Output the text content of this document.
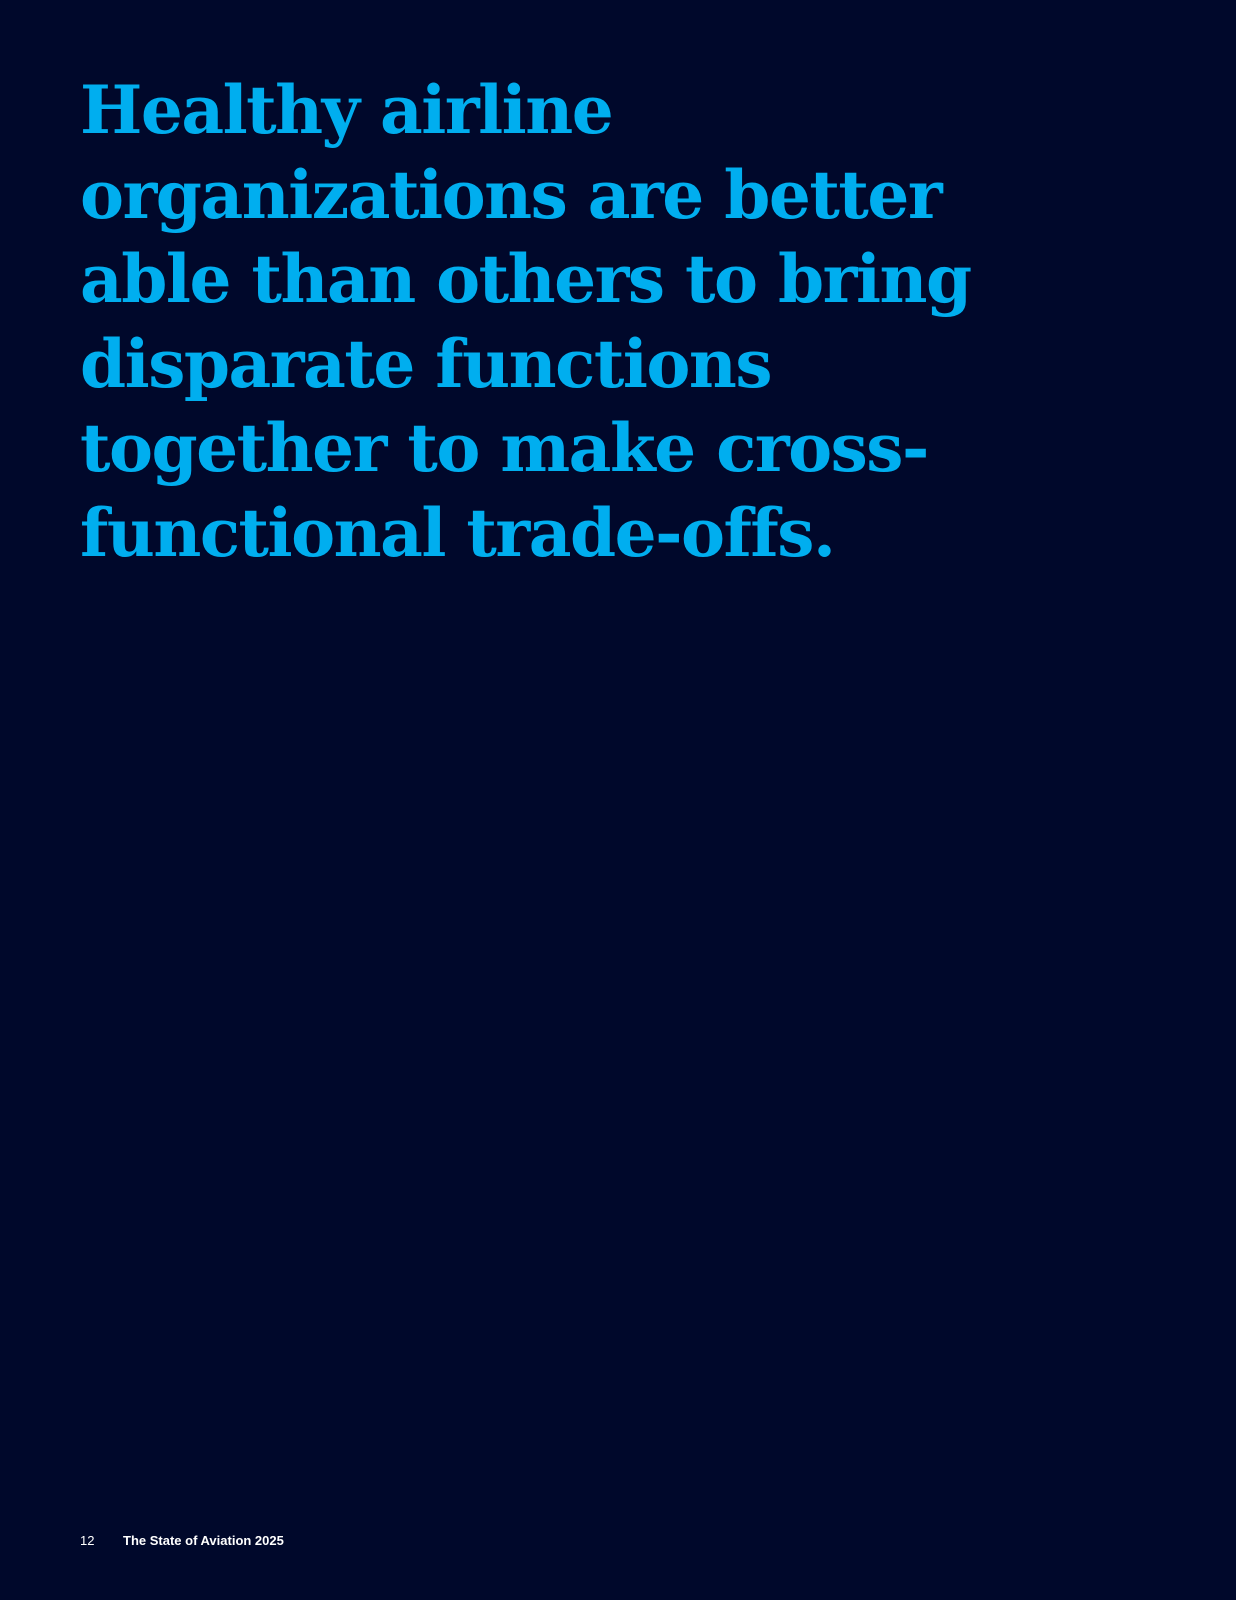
Healthy airline
organizations are better
able than others to bring
disparate functions
together to make cross-
functional trade-offs.
12	The State of Aviation 2025
